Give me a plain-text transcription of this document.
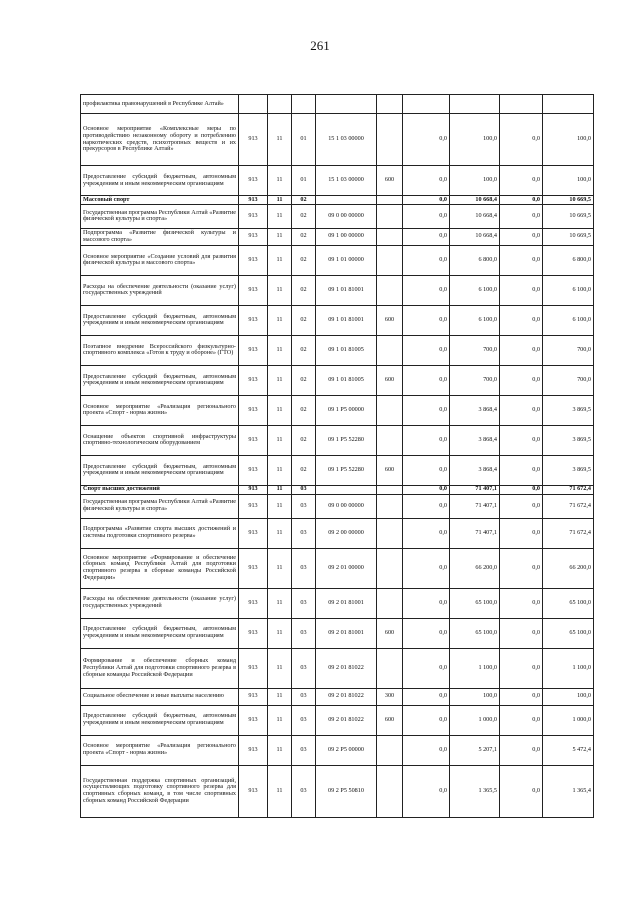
261
профилактика правонарушений в Республике Алтай»									
Основное мероприятие «Комплексные меры по противодействию незаконному обороту и потреблению наркотических средств, психотропных веществ и их прекурсоров в Республике Алтай»	913	11	01	15 1 03 00000		0,0	100,0	0,0	100,0
Предоставление субсидий бюджетным, автономным учреждениям и иным некоммерческим организациям	913	11	01	15 1 03 00000	600	0,0	100,0	0,0	100,0
Массовый спорт	913	11	02			0,0	10 668,4	0,0	10 669,5
Государственная программа Республики Алтай «Развитие физической культуры и спорта»	913	11	02	09 0 00 00000		0,0	10 668,4	0,0	10 669,5
Подпрограмма «Развитие физической культуры и массового спорта»	913	11	02	09 1 00 00000		0,0	10 668,4	0,0	10 669,5
Основное мероприятие «Создание условий для развития физической культуры и массового спорта»	913	11	02	09 1 01 00000		0,0	6 800,0	0,0	6 800,0
Расходы на обеспечение деятельности (оказание услуг) государственных учреждений	913	11	02	09 1 01 81001		0,0	6 100,0	0,0	6 100,0
Предоставление субсидий бюджетным, автономным учреждениям и иным некоммерческим организациям	913	11	02	09 1 01 81001	600	0,0	6 100,0	0,0	6 100,0
Поэтапное внедрение Всероссийского физкультурно-спортивного комплекса «Готов к труду и обороне» (ГТО)	913	11	02	09 1 01 81005		0,0	700,0	0,0	700,0
Предоставление субсидий бюджетным, автономным учреждениям и иным некоммерческим организациям	913	11	02	09 1 01 81005	600	0,0	700,0	0,0	700,0
Основное мероприятие «Реализация регионального проекта «Спорт - норма жизни»	913	11	02	09 1 P5 00000		0,0	3 868,4	0,0	3 869,5
Оснащение объектов спортивной инфраструктуры спортивно-технологическим оборудованием	913	11	02	09 1 P5 52280		0,0	3 868,4	0,0	3 869,5
Предоставление субсидий бюджетным, автономным учреждениям и иным некоммерческим организациям	913	11	02	09 1 P5 52280	600	0,0	3 868,4	0,0	3 869,5
Спорт высших достижений	913	11	03			0,0	71 407,1	0,0	71 672,4
Государственная программа Республики Алтай «Развитие физической культуры и спорта»	913	11	03	09 0 00 00000		0,0	71 407,1	0,0	71 672,4
Подпрограмма «Развитие спорта высших достижений и системы подготовки спортивного резерва»	913	11	03	09 2 00 00000		0,0	71 407,1	0,0	71 672,4
Основное мероприятие «Формирование и обеспечение сборных команд Республики Алтай для подготовки спортивного резерва в сборные команды Российской Федерации»	913	11	03	09 2 01 00000		0,0	66 200,0	0,0	66 200,0
Расходы на обеспечение деятельности (оказание услуг) государственных учреждений	913	11	03	09 2 01 81001		0,0	65 100,0	0,0	65 100,0
Предоставление субсидий бюджетным, автономным учреждениям и иным некоммерческим организациям	913	11	03	09 2 01 81001	600	0,0	65 100,0	0,0	65 100,0
Формирование и обеспечение сборных команд Республики Алтай для подготовки спортивного резерва в сборные команды Российской Федерации	913	11	03	09 2 01 81022		0,0	1 100,0	0,0	1 100,0
Социальное обеспечение и иные выплаты населению	913	11	03	09 2 01 81022	300	0,0	100,0	0,0	100,0
Предоставление субсидий бюджетным, автономным учреждениям и иным некоммерческим организациям	913	11	03	09 2 01 81022	600	0,0	1 000,0	0,0	1 000,0
Основное мероприятие «Реализация регионального проекта «Спорт - норма жизни»	913	11	03	09 2 P5 00000		0,0	5 207,1	0,0	5 472,4
Государственная поддержка спортивных организаций, осуществляющих подготовку спортивного резерва для спортивных сборных команд, в том числе спортивных сборных команд Российской Федерации	913	11	03	09 2 P5 50810		0,0	1 365,5	0,0	1 365,4
